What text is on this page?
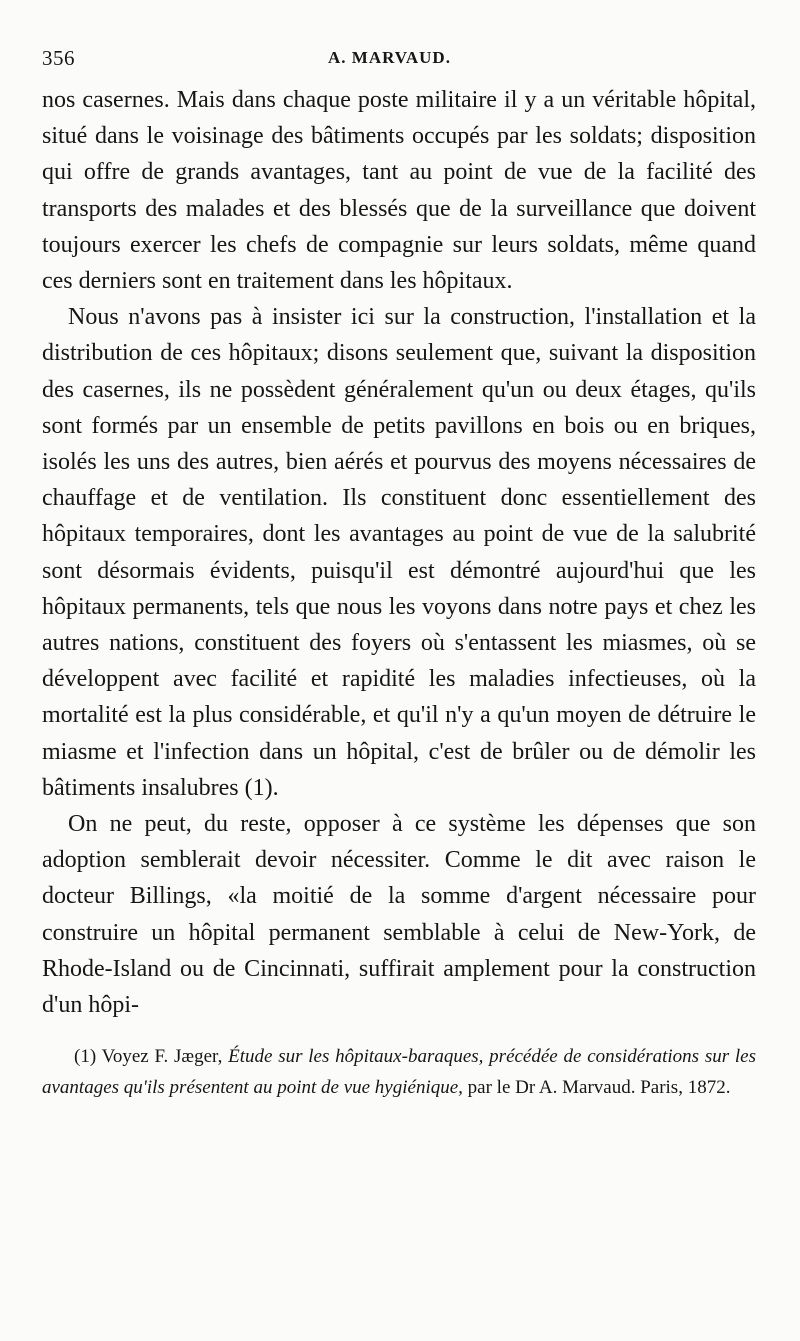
356	A. MARVAUD.

nos casernes. Mais dans chaque poste militaire il y a un véritable hôpital, situé dans le voisinage des bâtiments occupés par les soldats; disposition qui offre de grands avantages, tant au point de vue de la facilité des transports des malades et des blessés que de la surveillance que doivent toujours exercer les chefs de compagnie sur leurs soldats, même quand ces derniers sont en traitement dans les hôpitaux.

Nous n'avons pas à insister ici sur la construction, l'installation et la distribution de ces hôpitaux; disons seulement que, suivant la disposition des casernes, ils ne possèdent généralement qu'un ou deux étages, qu'ils sont formés par un ensemble de petits pavillons en bois ou en briques, isolés les uns des autres, bien aérés et pourvus des moyens nécessaires de chauffage et de ventilation. Ils constituent donc essentiellement des hôpitaux temporaires, dont les avantages au point de vue de la salubrité sont désormais évidents, puisqu'il est démontré aujourd'hui que les hôpitaux permanents, tels que nous les voyons dans notre pays et chez les autres nations, constituent des foyers où s'entassent les miasmes, où se développent avec facilité et rapidité les maladies infectieuses, où la mortalité est la plus considérable, et qu'il n'y a qu'un moyen de détruire le miasme et l'infection dans un hôpital, c'est de brûler ou de démolir les bâtiments insalubres (1).

On ne peut, du reste, opposer à ce système les dépenses que son adoption semblerait devoir nécessiter. Comme le dit avec raison le docteur Billings, «la moitié de la somme d'argent nécessaire pour construire un hôpital permanent semblable à celui de New-York, de Rhode-Island ou de Cincinnati, suffirait amplement pour la construction d'un hôpi-

(1) Voyez F. Jæger, Étude sur les hôpitaux-baraques, précédée de considérations sur les avantages qu'ils présentent au point de vue hygiénique, par le Dr A. Marvaud. Paris, 1872.
